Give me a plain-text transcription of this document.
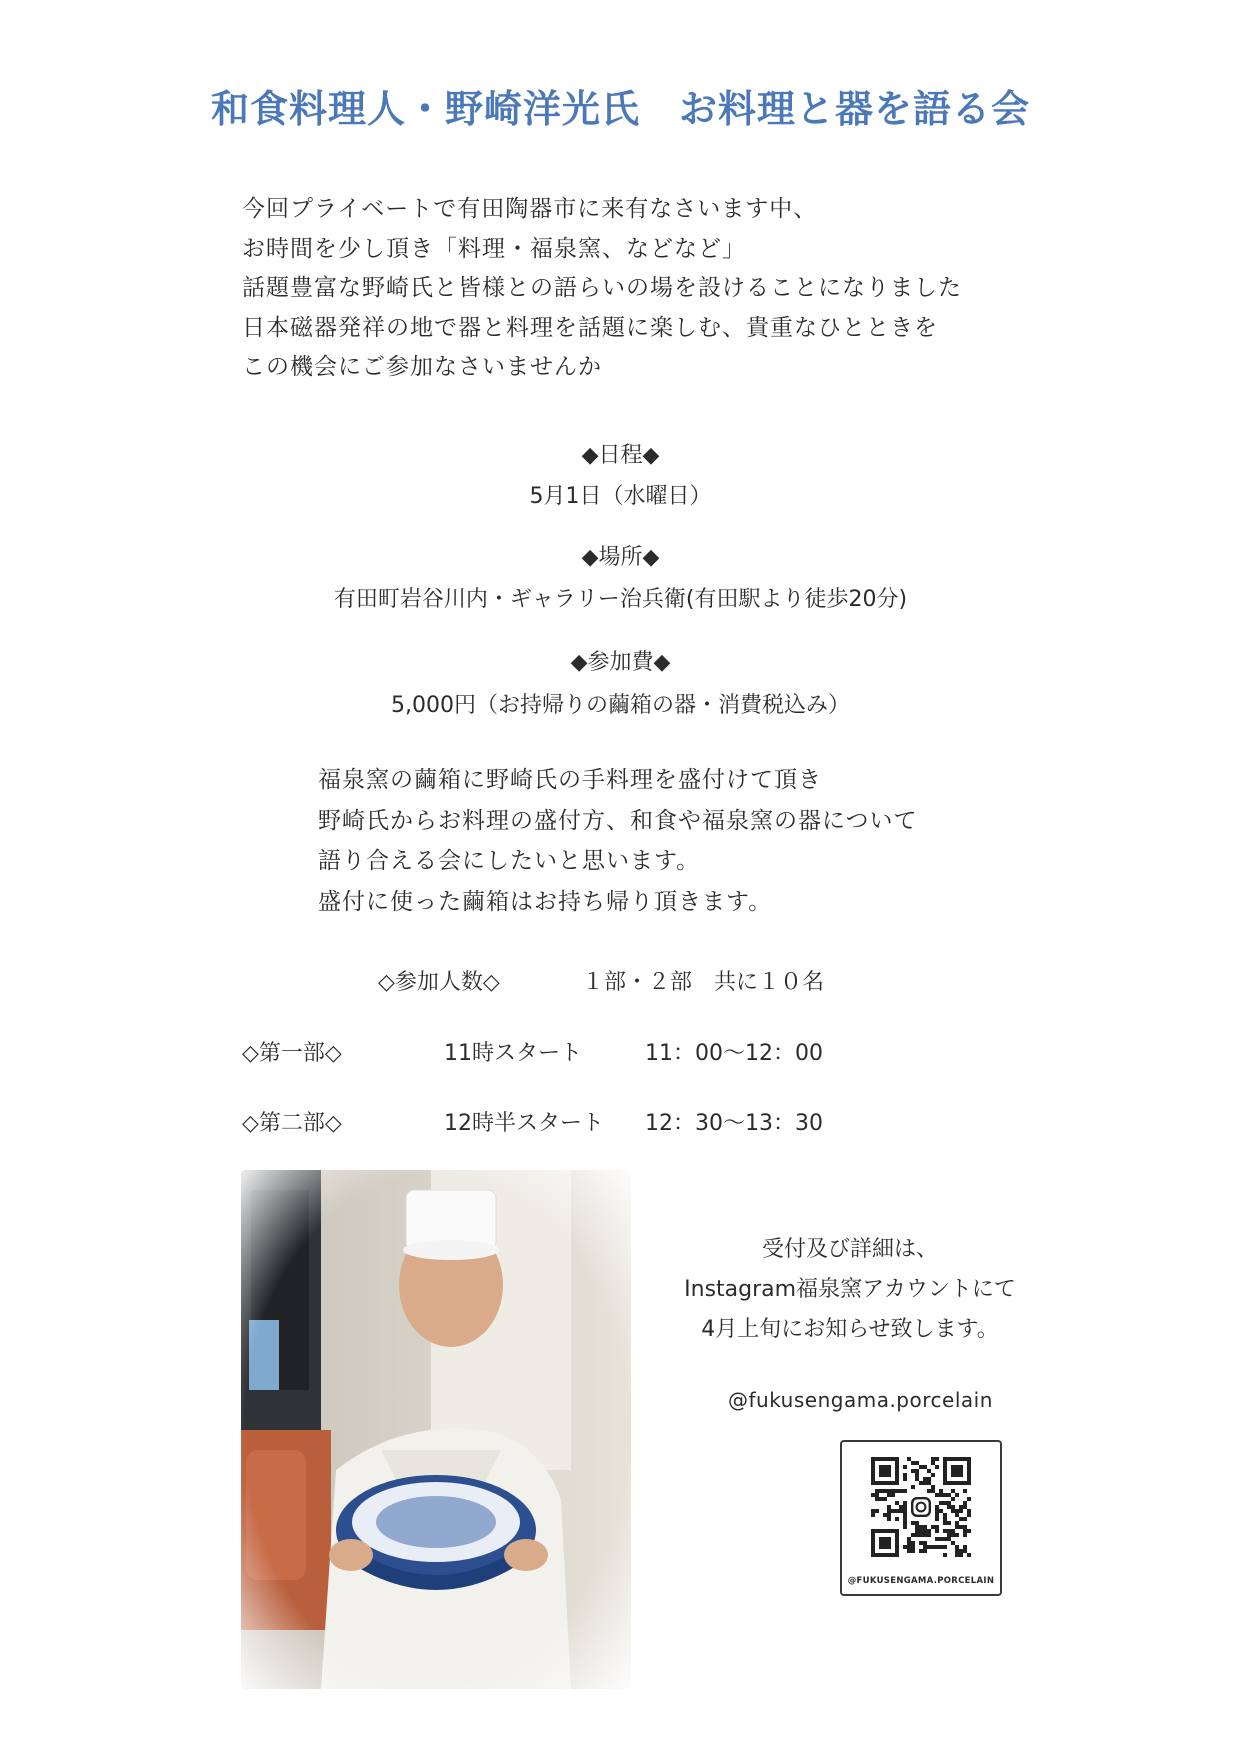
和食料理人・野崎洋光氏　お料理と器を語る会
今回プライベートで有田陶器市に来有なさいます中、
お時間を少し頂き「料理・福泉窯、などなど」
話題豊富な野崎氏と皆様との語らいの場を設けることになりました
日本磁器発祥の地で器と料理を話題に楽しむ、貴重なひとときを
この機会にご参加なさいませんか
◆日程◆
5月1日（水曜日）
◆場所◆
有田町岩谷川内・ギャラリー治兵衛(有田駅より徒歩20分)
◆参加費◆
5,000円（お持帰りの繭箱の器・消費税込み）
福泉窯の繭箱に野崎氏の手料理を盛付けて頂き
野崎氏からお料理の盛付方、和食や福泉窯の器について
語り合える会にしたいと思います。
盛付に使った繭箱はお持ち帰り頂きます。
◇参加人数◇	１部・２部　共に１０名
◇第一部◇	11時スタート	11：00～12：00
◇第二部◇	12時半スタート 12：30～13：30
受付及び詳細は、
Instagram福泉窯アカウントにて
4月上旬にお知らせ致します。
@fukusengama.porcelain
@FUKUSENGAMA.PORCELAIN
